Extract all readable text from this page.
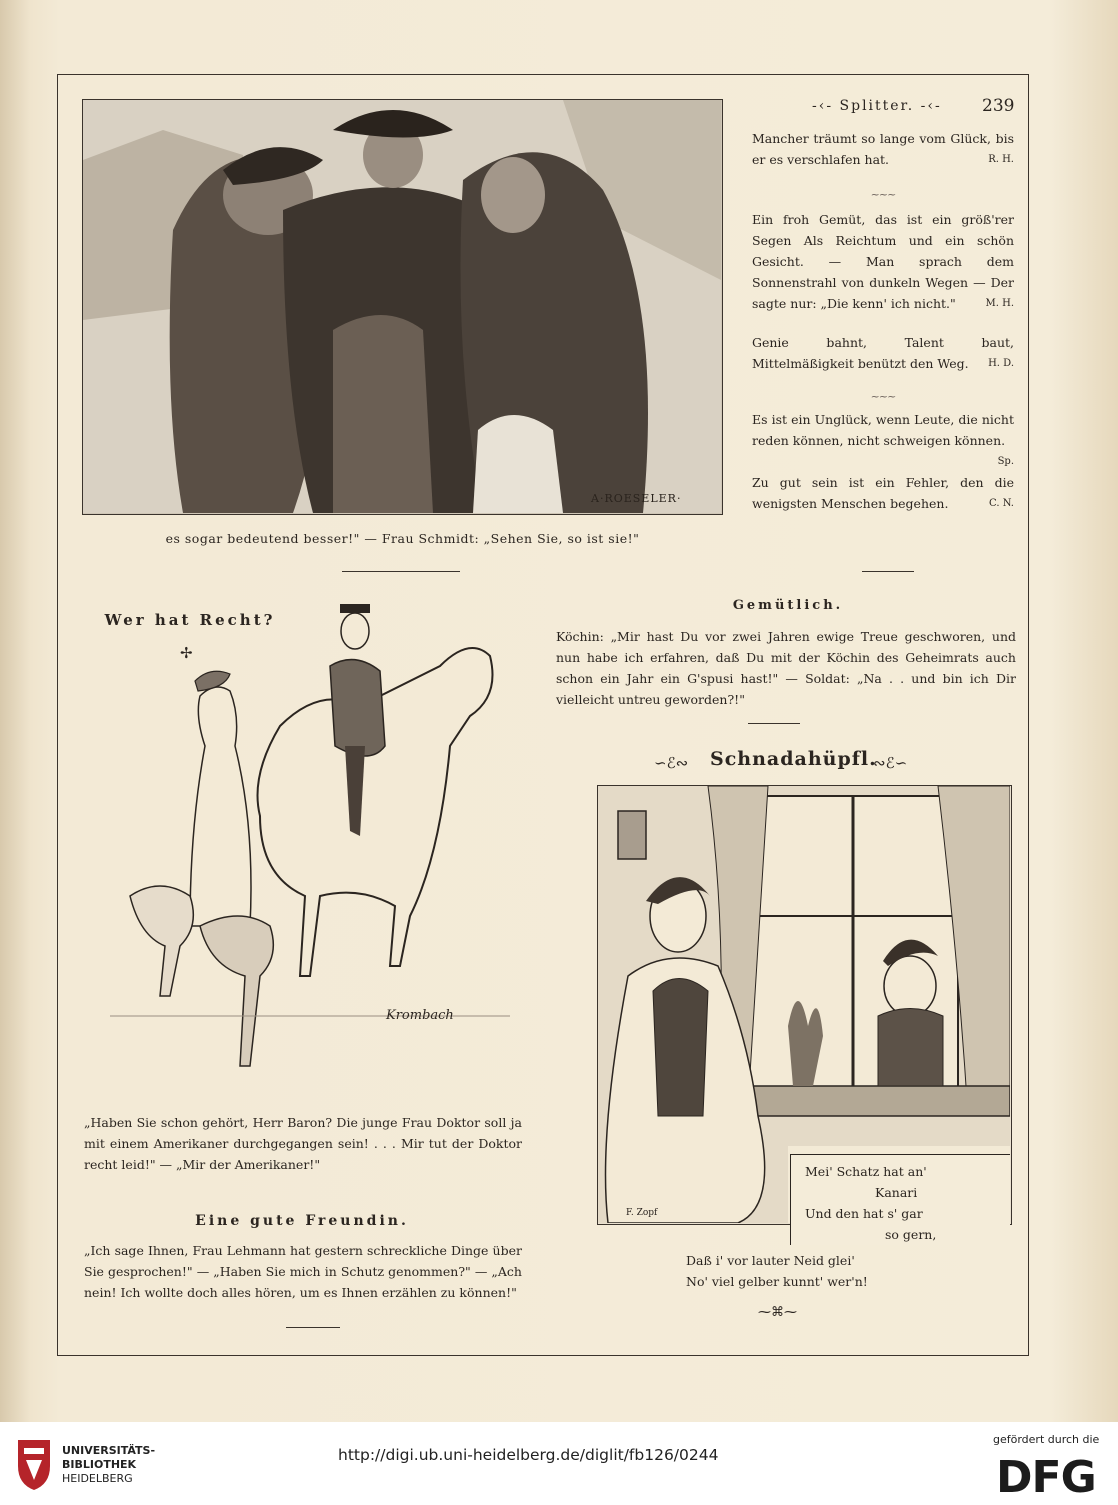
-‹- Splitter. -‹-	239
A·ROESELER·
es sogar bedeutend besser!" — Frau Schmidt: „Sehen Sie, so ist sie!"
Mancher träumt so lange vom Glück, bis er es verschlafen hat.	R. H.
~~~
Ein froh Gemüt, das ist ein größ'rer Segen Als Reichtum und ein schön Gesicht. — Man sprach dem Sonnenstrahl von dunkeln Wegen — Der sagte nur: „Die kenn' ich nicht."	M. H.
Genie bahnt, Talent baut, Mittelmäßigkeit benützt den Weg.	H. D.
~~~
Es ist ein Unglück, wenn Leute, die nicht reden können, nicht schweigen können.
Sp.
Zu gut sein ist ein Fehler, den die wenigsten Menschen begehen.	C. N.
Wer hat Recht?
✢
Krombach
„Haben Sie schon gehört, Herr Baron? Die junge Frau Doktor soll ja mit einem Amerikaner durchgegangen sein! . . . Mir tut der Doktor recht leid!" — „Mir der Amerikaner!"
Eine gute Freundin.
„Ich sage Ihnen, Frau Lehmann hat gestern schreckliche Dinge über Sie gesprochen!" — „Haben Sie mich in Schutz genommen?" — „Ach nein! Ich wollte doch alles hören, um es Ihnen erzählen zu können!"
Gemütlich.
Köchin: „Mir hast Du vor zwei Jahren ewige Treue geschworen, und nun habe ich erfahren, daß Du mit der Köchin des Geheimrats auch schon ein Jahr ein G'spusi hast!" — Soldat: „Na . . und bin ich Dir vielleicht untreu geworden?!"
∽ℰ∾ Schnadahüpfl.
∾ℰ∽
F. Zopf
Mei' Schatz hat an'
Kanari
Und den hat s' gar
so gern,
Daß i' vor lauter Neid glei'
No' viel gelber kunnt' wer'n!
⁓⌘⁓
UNIVERSITÄTS-
BIBLIOTHEK
HEIDELBERG
http://digi.ub.uni-heidelberg.de/diglit/fb126/0244
gefördert durch die
DFG
